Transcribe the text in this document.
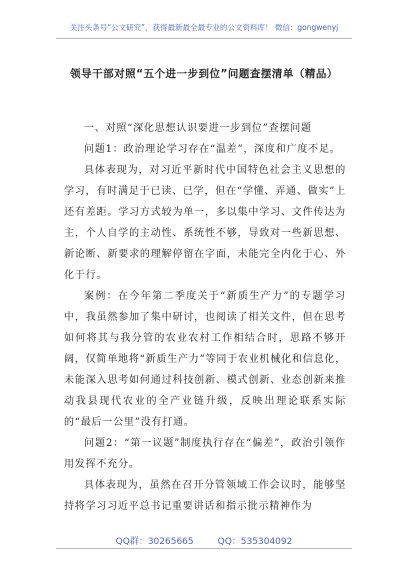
关注头条号“公文研究”，获得最新最全最专业的公文资料库！ 微信：gongwenyj
领导干部对照“五个进一步到位”问题查摆清单（精品）

一、对照“深化思想认识要进一步到位”查摆问题

问题1：政治理论学习存在“温差”，深度和广度不足。

具体表现为，对习近平新时代中国特色社会主义思想的学习，有时满足于已读、已学，但在“学懂、弄通、做实”上还有差距。学习方式较为单一，多以集中学习、文件传达为主，个人自学的主动性、系统性不够，导致对一些新思想、新论断、新要求的理解停留在字面，未能完全内化于心、外化于行。

案例：在今年第二季度关于“新质生产力”的专题学习中，我虽然参加了集中研讨，也阅读了相关文件，但在思考如何将其与我分管的农业农村工作相结合时，思路不够开阔，仅简单地将“新质生产力”等同于农业机械化和信息化，未能深入思考如何通过科技创新、模式创新、业态创新来推动我县现代农业的全产业链升级，反映出理论联系实际的“最后一公里”没有打通。

问题2：“第一议题”制度执行存在“偏差”，政治引领作用发挥不充分。

具体表现为，虽然在召开分管领域工作会议时，能够坚持将学习习近平总书记重要讲话和指示批示精神作为

QQ群：30265665	QQ：535304092
